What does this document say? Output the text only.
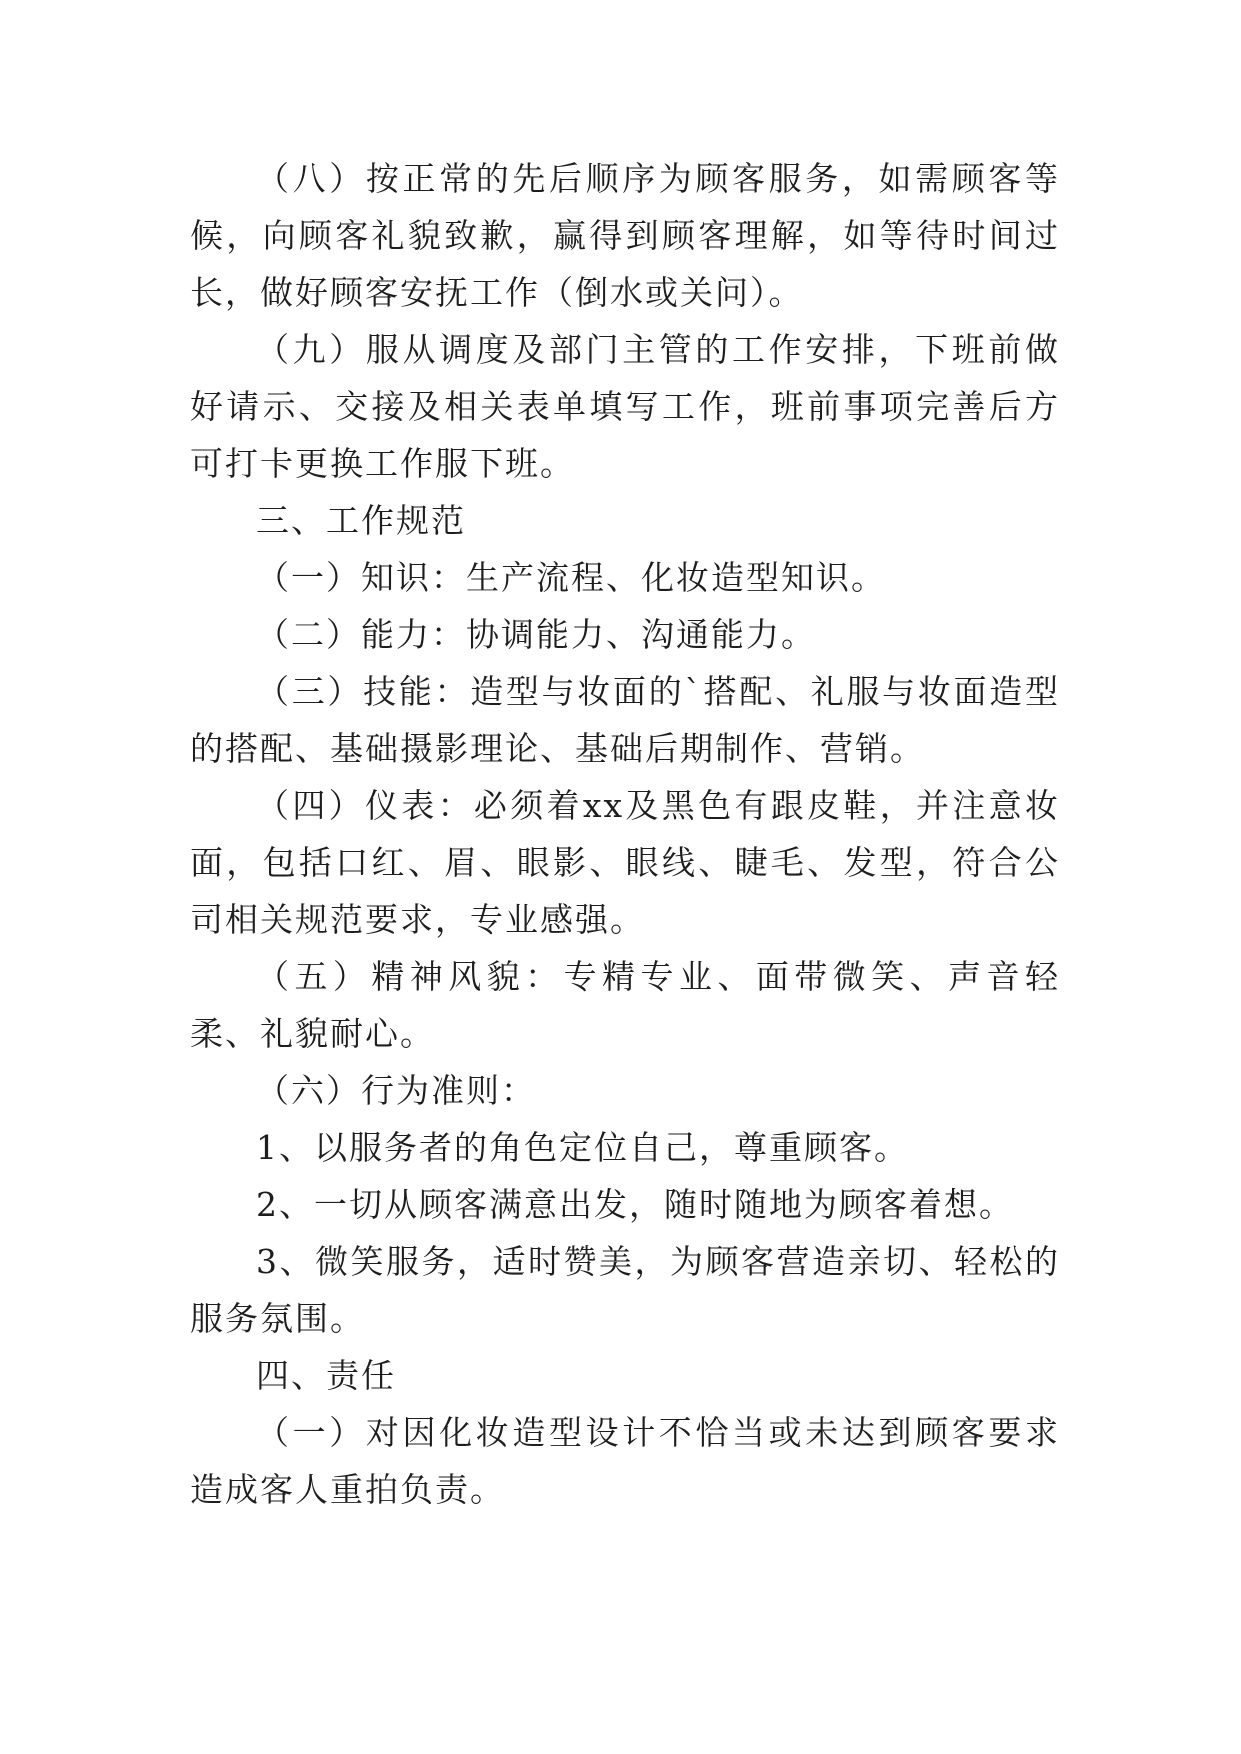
（八）按正常的先后顺序为顾客服务，如需顾客等候，向顾客礼貌致歉，赢得到顾客理解，如等待时间过长，做好顾客安抚工作（倒水或关问）。

（九）服从调度及部门主管的工作安排，下班前做好请示、交接及相关表单填写工作，班前事项完善后方可打卡更换工作服下班。

三、工作规范

（一）知识：生产流程、化妆造型知识。

（二）能力：协调能力、沟通能力。

（三）技能：造型与妆面的`搭配、礼服与妆面造型的搭配、基础摄影理论、基础后期制作、营销。

（四）仪表：必须着xx及黑色有跟皮鞋，并注意妆面，包括口红、眉、眼影、眼线、睫毛、发型，符合公司相关规范要求，专业感强。

（五）精神风貌：专精专业、面带微笑、声音轻柔、礼貌耐心。

（六）行为准则：

1、以服务者的角色定位自己，尊重顾客。

2、一切从顾客满意出发，随时随地为顾客着想。

3、微笑服务，适时赞美，为顾客营造亲切、轻松的服务氛围。

四、责任

（一）对因化妆造型设计不恰当或未达到顾客要求造成客人重拍负责。
